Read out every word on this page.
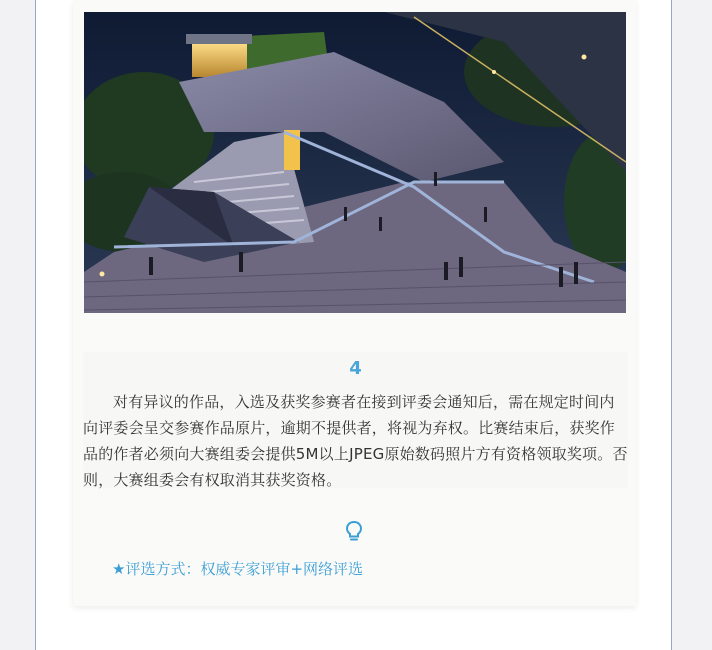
4

对有异议的作品，入选及获奖参赛者在接到评委会通知后，需在规定时间内向评委会呈交参赛作品原片，逾期不提供者，将视为弃权。比赛结束后，获奖作品的作者必须向大赛组委会提供5M以上JPEG原始数码照片方有资格领取奖项。否则，大赛组委会有权取消其获奖资格。

★评选方式：权威专家评审+网络评选
